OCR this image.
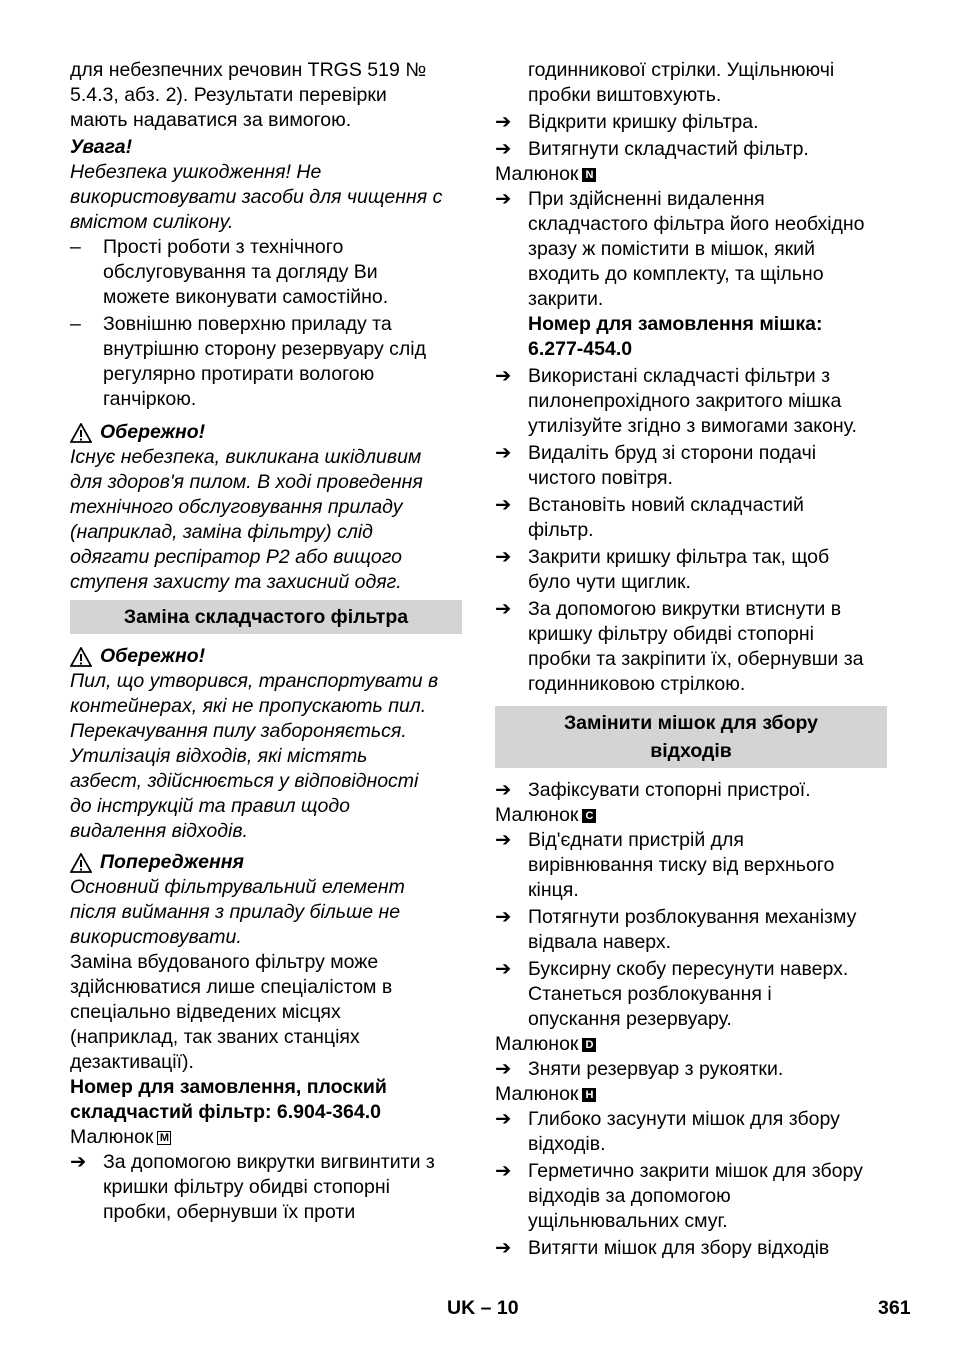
для небезпечних речовин TRGS 519 №

5.4.3, абз. 2). Результати перевірки

мають надаватися за вимогою.

Увага!

Небезпека ушкодження! Не

використовувати засоби для чищення с

вмістом силікону.

–	Прості роботи з технічного
обслуговування та догляду Ви
можете виконувати самостійно.
–	Зовнішню поверхню приладу та
внутрішню сторону резервуару слід
регулярно протирати вологою
ганчіркою.
Обережно!

Існує небезпека, викликана шкідливим

для здоров'я пилом. В ході проведення

технічного обслуговування приладу

(наприклад, заміна фільтру) слід

одягати респіратор P2 або вищого

ступеня захисту та захисний одяг.

Заміна складчастого фільтра
Обережно!

Пил, що утворився, транспортувати в

контейнерах, які не пропускають пил.

Перекачування пилу забороняється.

Утилізація відходів, які містять

азбест, здійснюється у відповідності

до інструкцій та правил щодо

видалення відходів.

Попередження

Основний фільтрувальний елемент

після виймання з приладу більше не

використовувати.

Заміна вбудованого фільтру може

здійснюватися лише спеціалістом в

спеціально відведених місцях

(наприклад, так званих станціях

дезактивації).

Номер для замовлення, плоский

складчастий фільтр: 6.904-364.0

Малюнок M

➔ За допомогою викрутки вигвинтити з
кришки фільтру обидві стопорні
пробки, обернувши їх проти
годинникової стрілки. Ущільнюючі
пробки виштовхують.
➔ Відкрити кришку фільтра.
➔ Витягнути складчастий фільтр.

Малюнок N

➔ При здійсненні видалення
складчастого фільтра його необхідно
зразу ж помістити в мішок, який
входить до комплекту, та щільно
закрити.
Номер для замовлення мішка:
6.277-454.0
➔ Використані складчасті фільтри з
пилонепрохідного закритого мішка
утилізуйте згідно з вимогами закону.
➔ Видаліть бруд зі сторони подачі
чистого повітря.
➔ Встановіть новий складчастий
фільтр.
➔ Закрити кришку фільтра так, щоб
було чути щиглик.
➔ За допомогою викрутки втиснути в
кришку фільтру обидві стопорні
пробки та закріпити їх, обернувши за
годинниковою стрілкою.
Замінити мішок для збору
відходів
➔ Зафіксувати стопорні пристрої.

Малюнок C

➔ Від'єднати пристрій для
вирівнювання тиску від верхнього
кінця.
➔ Потягнути розблокування механізму
відвала наверх.
➔ Буксирну скобу пересунути наверх.
Станеться розблокування і
опускання резервуару.

Малюнок D

➔ Зняти резервуар з рукоятки.

Малюнок H

➔ Глибоко засунути мішок для збору
відходів.
➔ Герметично закрити мішок для збору
відходів за допомогою
ущільнювальних смуг.
➔ Витягти мішок для збору відходів
UK – 10	361
